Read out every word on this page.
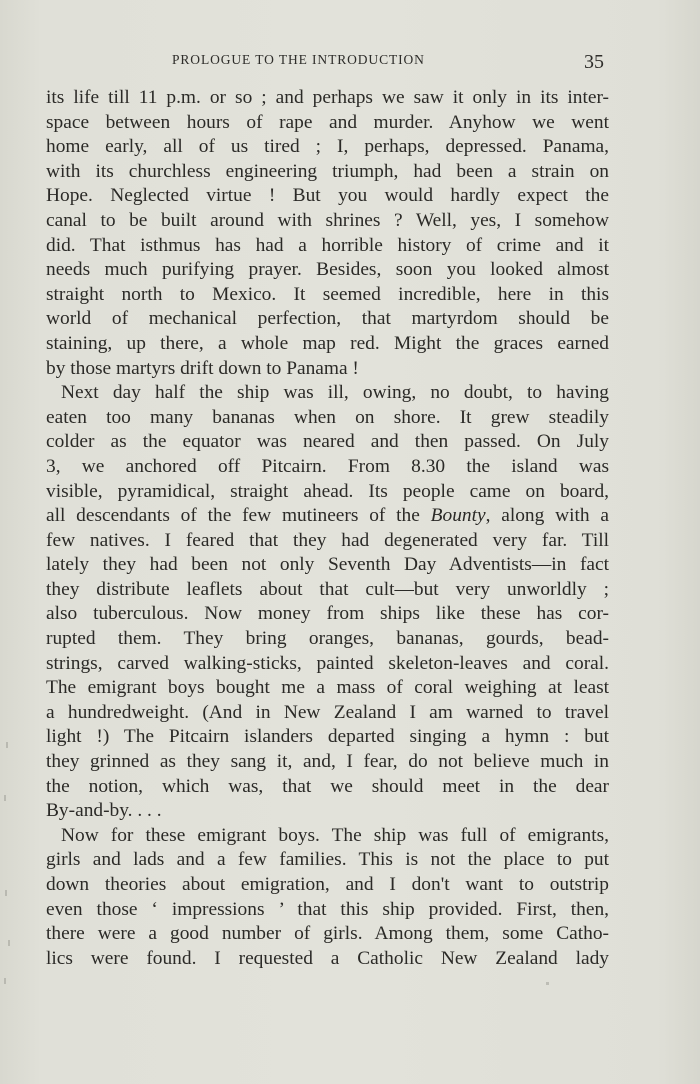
PROLOGUE TO THE INTRODUCTION	35
its life till 11 p.m. or so ; and perhaps we saw it only in its inter-
space between hours of rape and murder. Anyhow we went
home early, all of us tired ; I, perhaps, depressed. Panama,
with its churchless engineering triumph, had been a strain on
Hope. Neglected virtue ! But you would hardly expect the
canal to be built around with shrines ? Well, yes, I somehow
did. That isthmus has had a horrible history of crime and it
needs much purifying prayer. Besides, soon you looked almost
straight north to Mexico. It seemed incredible, here in this
world of mechanical perfection, that martyrdom should be
staining, up there, a whole map red. Might the graces earned
by those martyrs drift down to Panama !
Next day half the ship was ill, owing, no doubt, to having
eaten too many bananas when on shore. It grew steadily
colder as the equator was neared and then passed. On July
3, we anchored off Pitcairn. From 8.30 the island was
visible, pyramidical, straight ahead. Its people came on board,
all descendants of the few mutineers of the Bounty, along with a
few natives. I feared that they had degenerated very far. Till
lately they had been not only Seventh Day Adventists—in fact
they distribute leaflets about that cult—but very unworldly ;
also tuberculous. Now money from ships like these has cor-
rupted them. They bring oranges, bananas, gourds, bead-
strings, carved walking-sticks, painted skeleton-leaves and coral.
The emigrant boys bought me a mass of coral weighing at least
a hundredweight. (And in New Zealand I am warned to travel
light !) The Pitcairn islanders departed singing a hymn : but
they grinned as they sang it, and, I fear, do not believe much in
the notion, which was, that we should meet in the dear
By-and-by. . . .
Now for these emigrant boys. The ship was full of emigrants,
girls and lads and a few families. This is not the place to put
down theories about emigration, and I don't want to outstrip
even those ‘ impressions ’ that this ship provided. First, then,
there were a good number of girls. Among them, some Catho-
lics were found. I requested a Catholic New Zealand lady
